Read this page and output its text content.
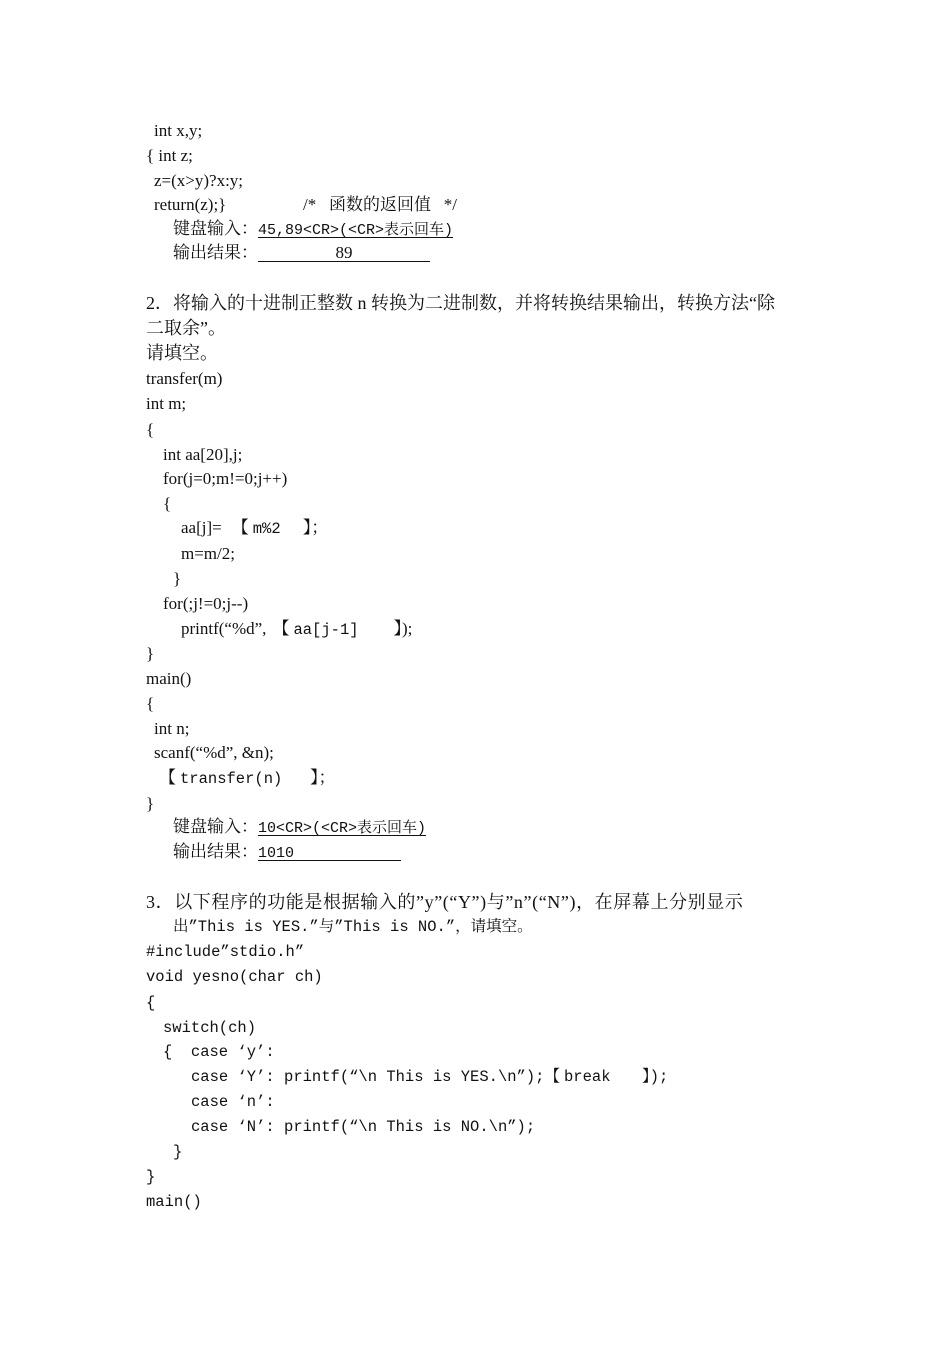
int x,y;
{ int z;
z=(x>y)?x:y;
return(z);}	/*   函数的返回值   */
键盘输入：45,89<CR>(<CR>表示回车)
输出结果：	89
2．将输入的十进制正整数 n 转换为二进制数，并将转换结果输出，转换方法“除
二取余”。
请填空。
transfer(m)
int m;
{
int aa[20],j;
for(j=0;m!=0;j++)
{
aa[j]= 【 m%2 】；
m=m/2;
}
for(;j!=0;j--)
printf(“%d”, 【 aa[j-1] 】);
}
main()
{
int n;
scanf(“%d”, &n);
【 transfer(n) 】；
}
键盘输入：10<CR>(<CR>表示回车)
输出结果：1010
3．以下程序的功能是根据输入的”y”(“Y”)与”n”(“N”)，在屏幕上分别显示
出”This is YES.”与”This is NO.”，请填空。
#include”stdio.h”
void yesno(char ch)
{
switch(ch)
{  case ‘y’:
case ‘Y’: printf(“\n This is YES.\n”);【 break 】);
case ‘n’:
case ‘N’: printf(“\n This is NO.\n”);
}
}
main()
